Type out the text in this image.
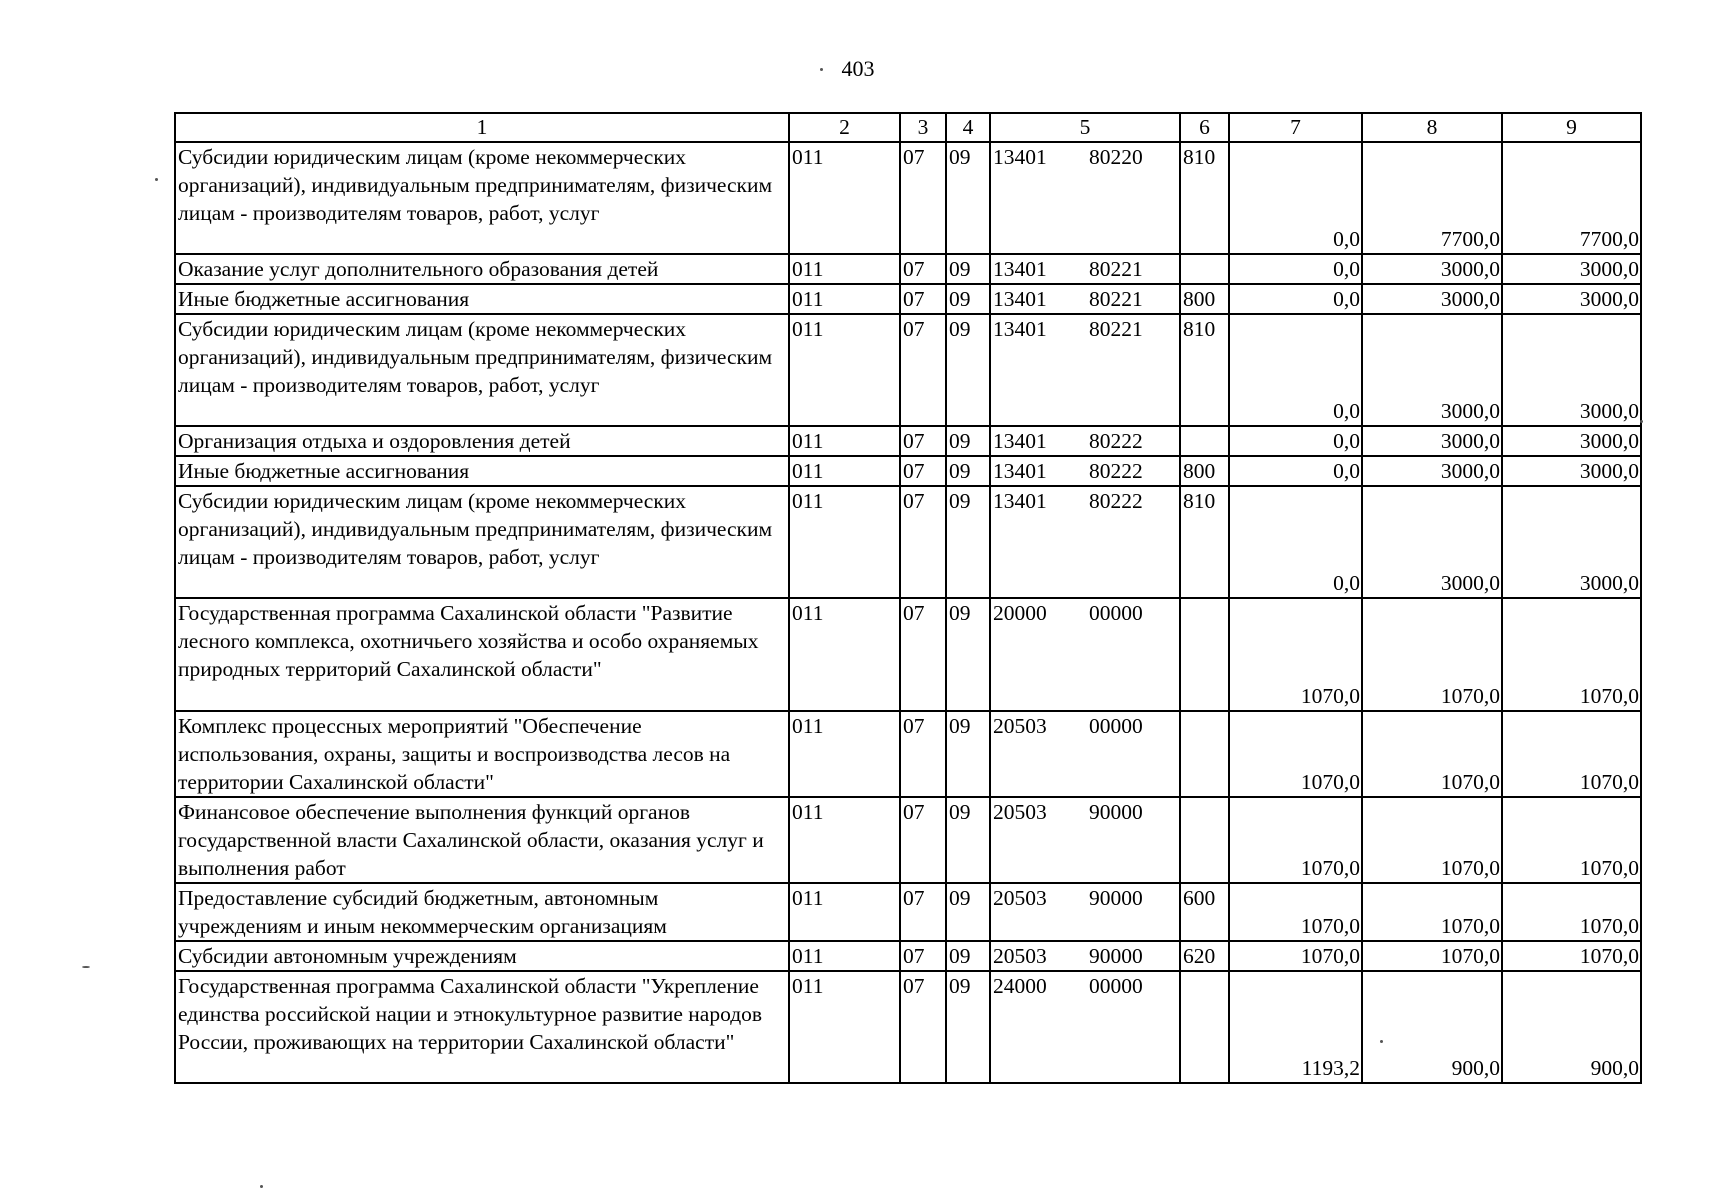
403
1	2	3	4	5	6	7	8	9
Субсидии юридическим лицам (кроме некоммерческих организаций), индивидуальным предпринимателям, физическим лицам - производителям товаров, работ, услуг	011	07	09	13401 80220	810	0,0	7700,0	7700,0
Оказание услуг дополнительного образования детей	011	07	09	13401 80221		0,0	3000,0	3000,0
Иные бюджетные ассигнования	011	07	09	13401 80221	800	0,0	3000,0	3000,0
Субсидии юридическим лицам (кроме некоммерческих организаций), индивидуальным предпринимателям, физическим лицам - производителям товаров, работ, услуг	011	07	09	13401 80221	810	0,0	3000,0	3000,0
Организация отдыха и оздоровления детей	011	07	09	13401 80222		0,0	3000,0	3000,0
Иные бюджетные ассигнования	011	07	09	13401 80222	800	0,0	3000,0	3000,0
Субсидии юридическим лицам (кроме некоммерческих организаций), индивидуальным предпринимателям, физическим лицам - производителям товаров, работ, услуг	011	07	09	13401 80222	810	0,0	3000,0	3000,0
Государственная программа Сахалинской области "Развитие лесного комплекса, охотничьего хозяйства и особо охраняемых природных территорий Сахалинской области"	011	07	09	20000 00000		1070,0	1070,0	1070,0
Комплекс процессных мероприятий "Обеспечение использования, охраны, защиты и воспроизводства лесов на территории Сахалинской области"	011	07	09	20503 00000		1070,0	1070,0	1070,0
Финансовое обеспечение выполнения функций органов государственной власти Сахалинской области, оказания услуг и выполнения работ	011	07	09	20503 90000		1070,0	1070,0	1070,0
Предоставление субсидий бюджетным, автономным учреждениям и иным некоммерческим организациям	011	07	09	20503 90000	600	1070,0	1070,0	1070,0
Субсидии автономным учреждениям	011	07	09	20503 90000	620	1070,0	1070,0	1070,0
Государственная программа Сахалинской области "Укрепление единства российской нации и этнокультурное развитие народов России, проживающих на территории Сахалинской области"	011	07	09	24000 00000		1193,2	900,0	900,0
